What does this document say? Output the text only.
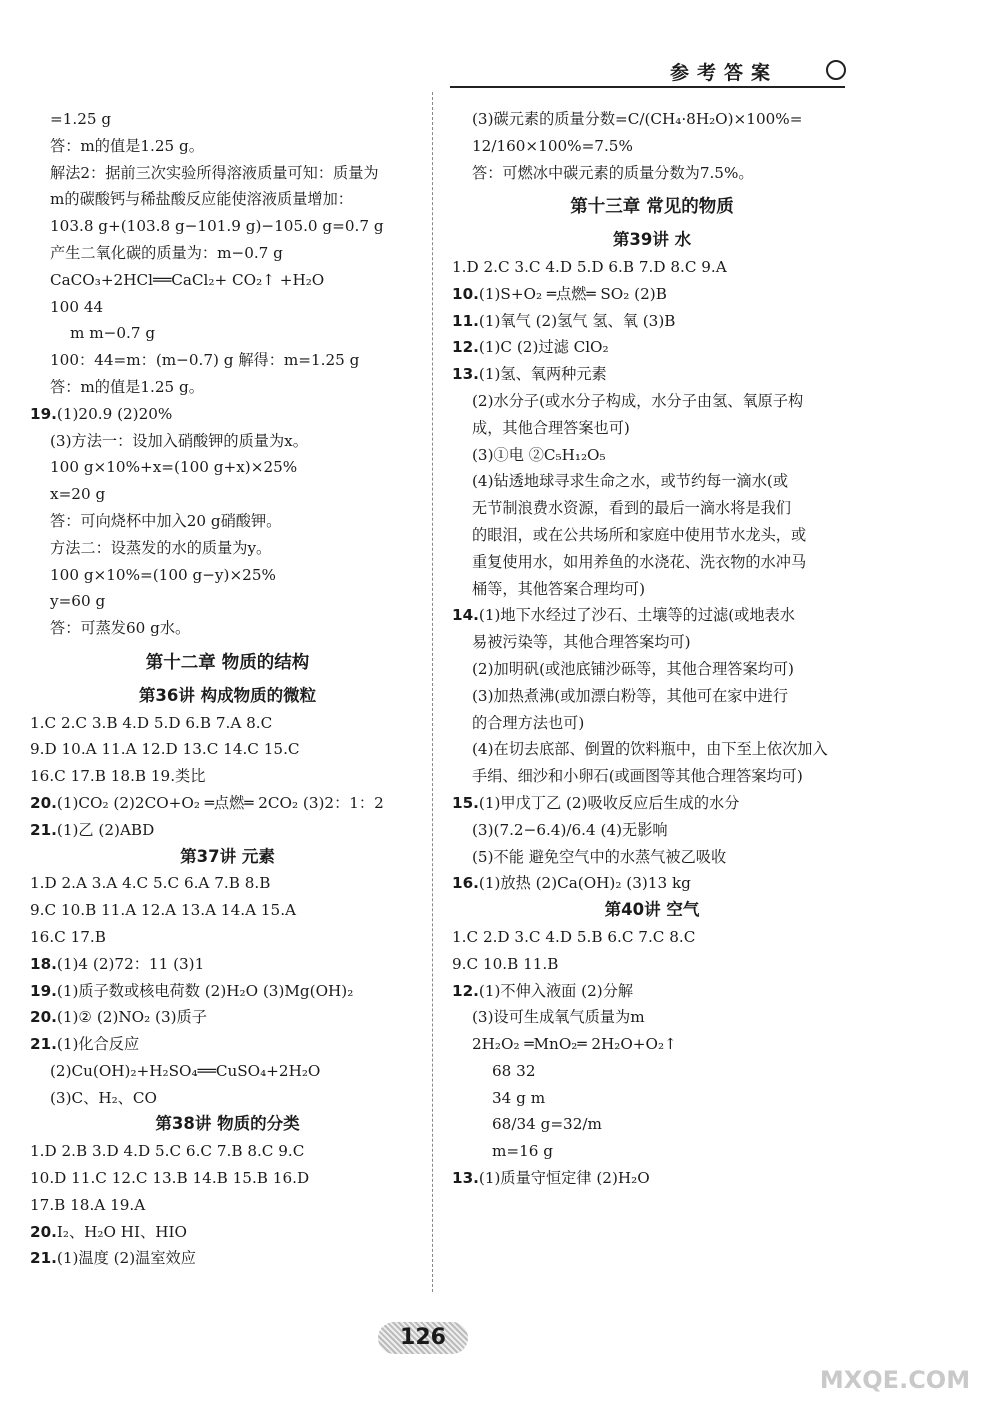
参考答案
=1.25 g
答：m的值是1.25 g。
解法2：据前三次实验所得溶液质量可知：质量为
m的碳酸钙与稀盐酸反应能使溶液质量增加：
103.8 g+(103.8 g−101.9 g)−105.0 g=0.7 g
产生二氧化碳的质量为：m−0.7 g
CaCO₃+2HCl══CaCl₂+ CO₂↑ +H₂O
100 44
m m−0.7 g
100：44=m：(m−0.7) g 解得：m=1.25 g
答：m的值是1.25 g。
19.(1)20.9 (2)20%
(3)方法一：设加入硝酸钾的质量为x。
100 g×10%+x=(100 g+x)×25%
x=20 g
答：可向烧杯中加入20 g硝酸钾。
方法二：设蒸发的水的质量为y。
100 g×10%=(100 g−y)×25%
y=60 g
答：可蒸发60 g水。
第十二章 物质的结构
第36讲 构成物质的微粒
1.C 2.C 3.B 4.D 5.D 6.B 7.A 8.C
9.D 10.A 11.A 12.D 13.C 14.C 15.C
16.C 17.B 18.B 19.类比
20.(1)CO₂ (2)2CO+O₂ ═点燃═ 2CO₂ (3)2：1：2
21.(1)乙 (2)ABD
第37讲 元素
1.D 2.A 3.A 4.C 5.C 6.A 7.B 8.B
9.C 10.B 11.A 12.A 13.A 14.A 15.A
16.C 17.B
18.(1)4 (2)72：11 (3)1
19.(1)质子数或核电荷数 (2)H₂O (3)Mg(OH)₂
20.(1)② (2)NO₂ (3)质子
21.(1)化合反应
(2)Cu(OH)₂+H₂SO₄══CuSO₄+2H₂O
(3)C、H₂、CO
第38讲 物质的分类
1.D 2.B 3.D 4.D 5.C 6.C 7.B 8.C 9.C
10.D 11.C 12.C 13.B 14.B 15.B 16.D
17.B 18.A 19.A
20.I₂、H₂O HI、HIO
21.(1)温度 (2)温室效应
(3)碳元素的质量分数=C/(CH₄·8H₂O)×100%=
12/160×100%=7.5%
答：可燃冰中碳元素的质量分数为7.5%。
第十三章 常见的物质
第39讲 水
1.D 2.C 3.C 4.D 5.D 6.B 7.D 8.C 9.A
10.(1)S+O₂ ═点燃═ SO₂ (2)B
11.(1)氧气 (2)氢气 氢、氧 (3)B
12.(1)C (2)过滤 ClO₂
13.(1)氢、氧两种元素
(2)水分子(或水分子构成，水分子由氢、氧原子构
成，其他合理答案也可)
(3)①电 ②C₅H₁₂O₅
(4)钻透地球寻求生命之水，或节约每一滴水(或
无节制浪费水资源，看到的最后一滴水将是我们
的眼泪，或在公共场所和家庭中使用节水龙头，或
重复使用水，如用养鱼的水浇花、洗衣物的水冲马
桶等，其他答案合理均可)
14.(1)地下水经过了沙石、土壤等的过滤(或地表水
易被污染等，其他合理答案均可)
(2)加明矾(或池底铺沙砾等，其他合理答案均可)
(3)加热煮沸(或加漂白粉等，其他可在家中进行
的合理方法也可)
(4)在切去底部、倒置的饮料瓶中，由下至上依次加入
手绢、细沙和小卵石(或画图等其他合理答案均可)
15.(1)甲戊丁乙 (2)吸收反应后生成的水分
(3)(7.2−6.4)/6.4 (4)无影响
(5)不能 避免空气中的水蒸气被乙吸收
16.(1)放热 (2)Ca(OH)₂ (3)13 kg
第40讲 空气
1.C 2.D 3.C 4.D 5.B 6.C 7.C 8.C
9.C 10.B 11.B
12.(1)不伸入液面 (2)分解
(3)设可生成氧气质量为m
2H₂O₂ ═MnO₂═ 2H₂O+O₂↑
68 32
34 g m
68/34 g=32/m
m=16 g
13.(1)质量守恒定律 (2)H₂O
126
MXQE.COM
